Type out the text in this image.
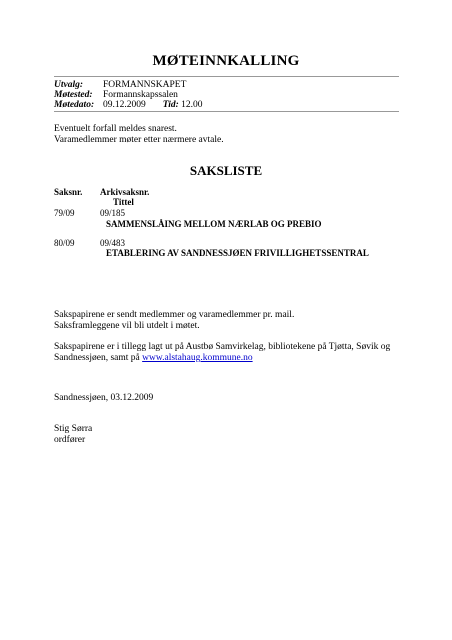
MØTEINNKALLING
Utvalg: FORMANNSKAPET
Møtested: Formannskapssalen
Møtedato: 09.12.2009 Tid: 12.00
Eventuelt forfall meldes snarest.
Varamedlemmer møter etter nærmere avtale.
SAKSLISTE
Saksnr. Arkivsaksnr.
Tittel
79/09	09/185
SAMMENSLÅING MELLOM NÆRLAB OG PREBIO
80/09	09/483
ETABLERING AV SANDNESSJØEN FRIVILLIGHETSSENTRAL
Sakspapirene er sendt medlemmer og varamedlemmer pr. mail.
Saksframleggene vil bli utdelt i møtet.
Sakspapirene er i tillegg lagt ut på Austbø Samvirkelag, bibliotekene på Tjøtta, Søvik og
Sandnessjøen, samt på www.alstahaug.kommune.no
Sandnessjøen, 03.12.2009
Stig Sørra
ordfører
